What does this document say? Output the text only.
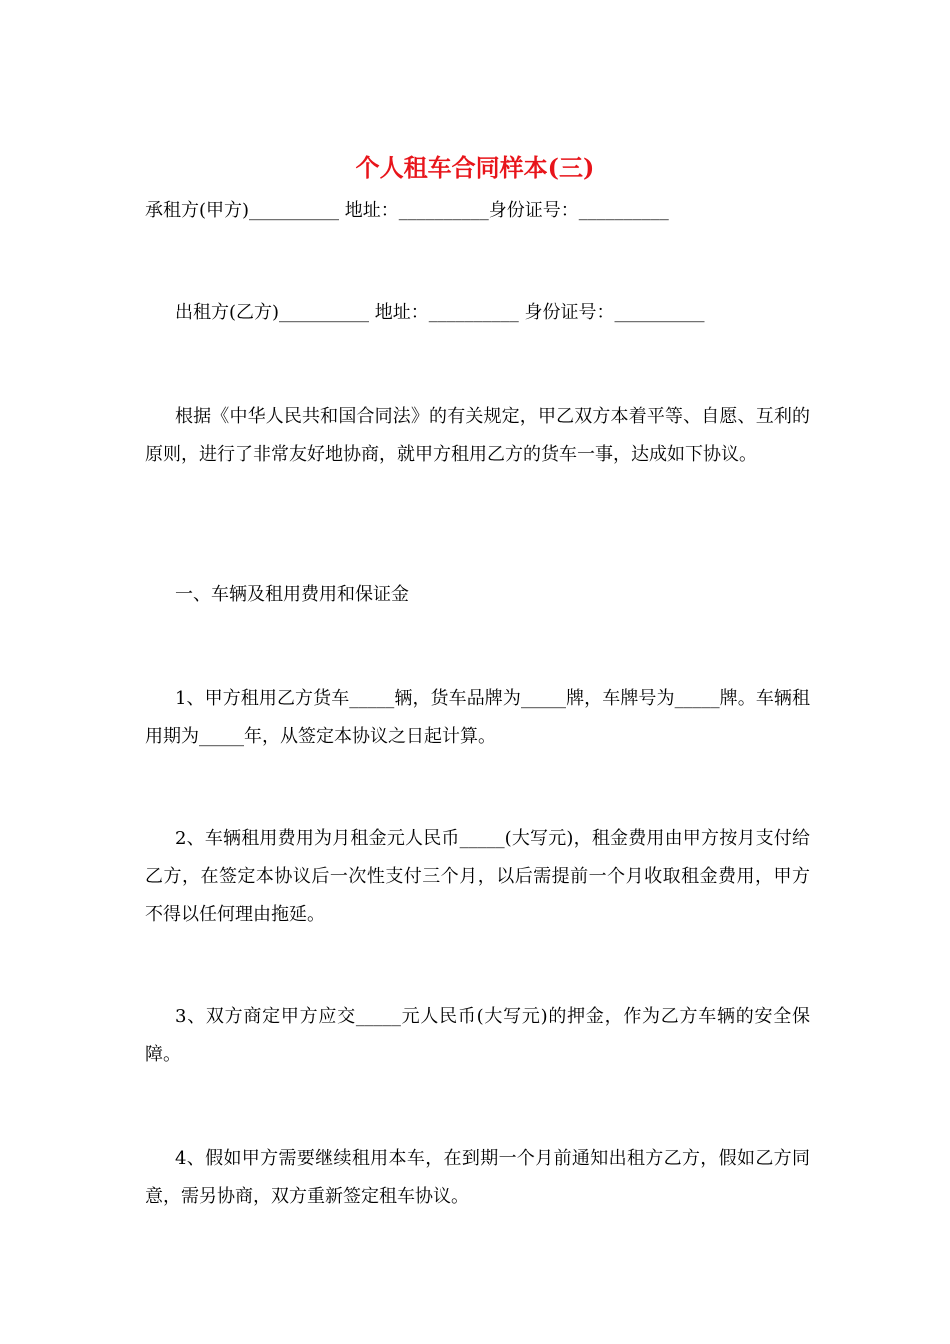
个人租车合同样本(三)

承租方(甲方)__________ 地址：__________身份证号：__________

出租方(乙方)__________ 地址：__________ 身份证号：__________

根据《中华人民共和国合同法》的有关规定，甲乙双方本着平等、自愿、互利的原则，进行了非常友好地协商，就甲方租用乙方的货车一事，达成如下协议。

一、车辆及租用费用和保证金

1、甲方租用乙方货车_____辆，货车品牌为_____牌，车牌号为_____牌。车辆租用期为_____年，从签定本协议之日起计算。

2、车辆租用费用为月租金元人民币_____(大写元)，租金费用由甲方按月支付给乙方，在签定本协议后一次性支付三个月，以后需提前一个月收取租金费用，甲方不得以任何理由拖延。

3、双方商定甲方应交_____元人民币(大写元)的押金，作为乙方车辆的安全保障。

4、假如甲方需要继续租用本车，在到期一个月前通知出租方乙方，假如乙方同意，需另协商，双方重新签定租车协议。
